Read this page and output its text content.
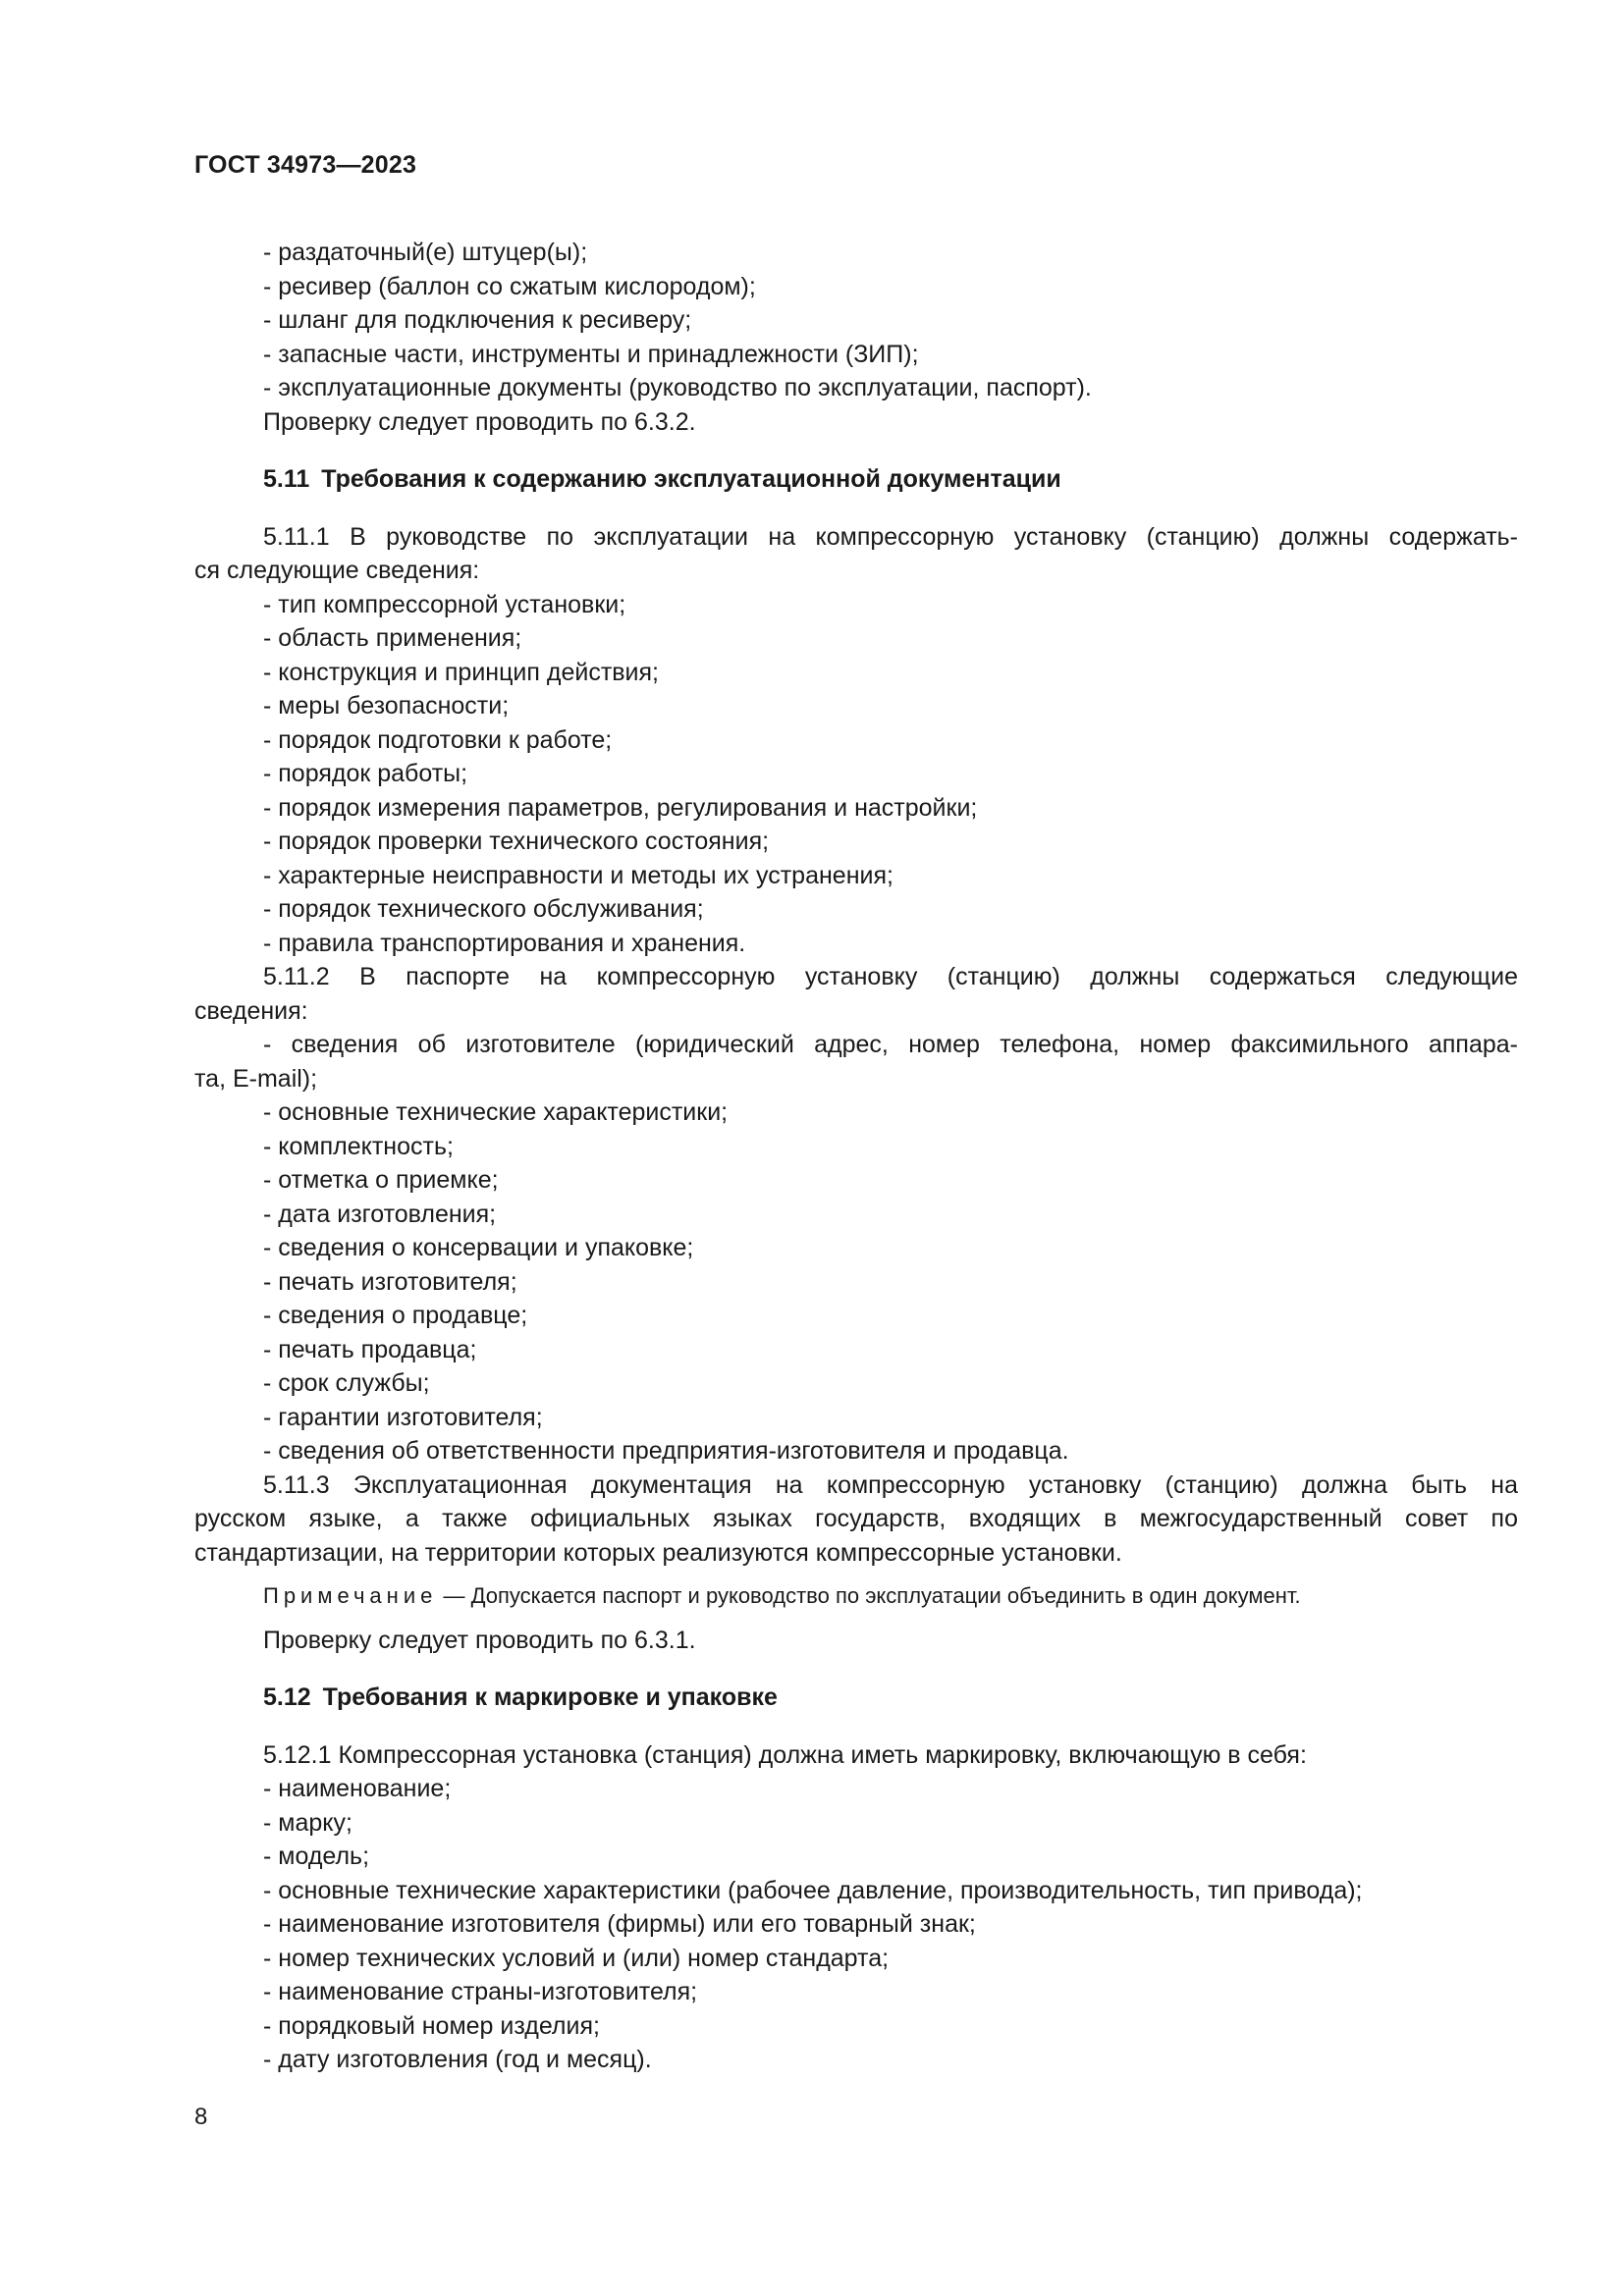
ГОСТ 34973—2023
- раздаточный(е) штуцер(ы);
- ресивер (баллон со сжатым кислородом);
- шланг для подключения к ресиверу;
- запасные части, инструменты и принадлежности (ЗИП);
- эксплуатационные документы (руководство по эксплуатации, паспорт).
Проверку следует проводить по 6.3.2.
5.11 Требования к содержанию эксплуатационной документации
5.11.1 В руководстве по эксплуатации на компрессорную установку (станцию) должны содержать-
ся следующие сведения:
- тип компрессорной установки;
- область применения;
- конструкция и принцип действия;
- меры безопасности;
- порядок подготовки к работе;
- порядок работы;
- порядок измерения параметров, регулирования и настройки;
- порядок проверки технического состояния;
- характерные неисправности и методы их устранения;
- порядок технического обслуживания;
- правила транспортирования и хранения.
5.11.2 В паспорте на компрессорную установку (станцию) должны содержаться следующие
сведения:
- сведения об изготовителе (юридический адрес, номер телефона, номер факсимильного аппара-
та, E-mail);
- основные технические характеристики;
- комплектность;
- отметка о приемке;
- дата изготовления;
- сведения о консервации и упаковке;
- печать изготовителя;
- сведения о продавце;
- печать продавца;
- срок службы;
- гарантии изготовителя;
- сведения об ответственности предприятия-изготовителя и продавца.
5.11.3 Эксплуатационная документация на компрессорную установку (станцию) должна быть на
русском языке, а также официальных языках государств, входящих в межгосударственный совет по
стандартизации, на территории которых реализуются компрессорные установки.
Примечание — Допускается паспорт и руководство по эксплуатации объединить в один документ.
Проверку следует проводить по 6.3.1.
5.12 Требования к маркировке и упаковке
5.12.1 Компрессорная установка (станция) должна иметь маркировку, включающую в себя:
- наименование;
- марку;
- модель;
- основные технические характеристики (рабочее давление, производительность, тип привода);
- наименование изготовителя (фирмы) или его товарный знак;
- номер технических условий и (или) номер стандарта;
- наименование страны-изготовителя;
- порядковый номер изделия;
- дату изготовления (год и месяц).
8
